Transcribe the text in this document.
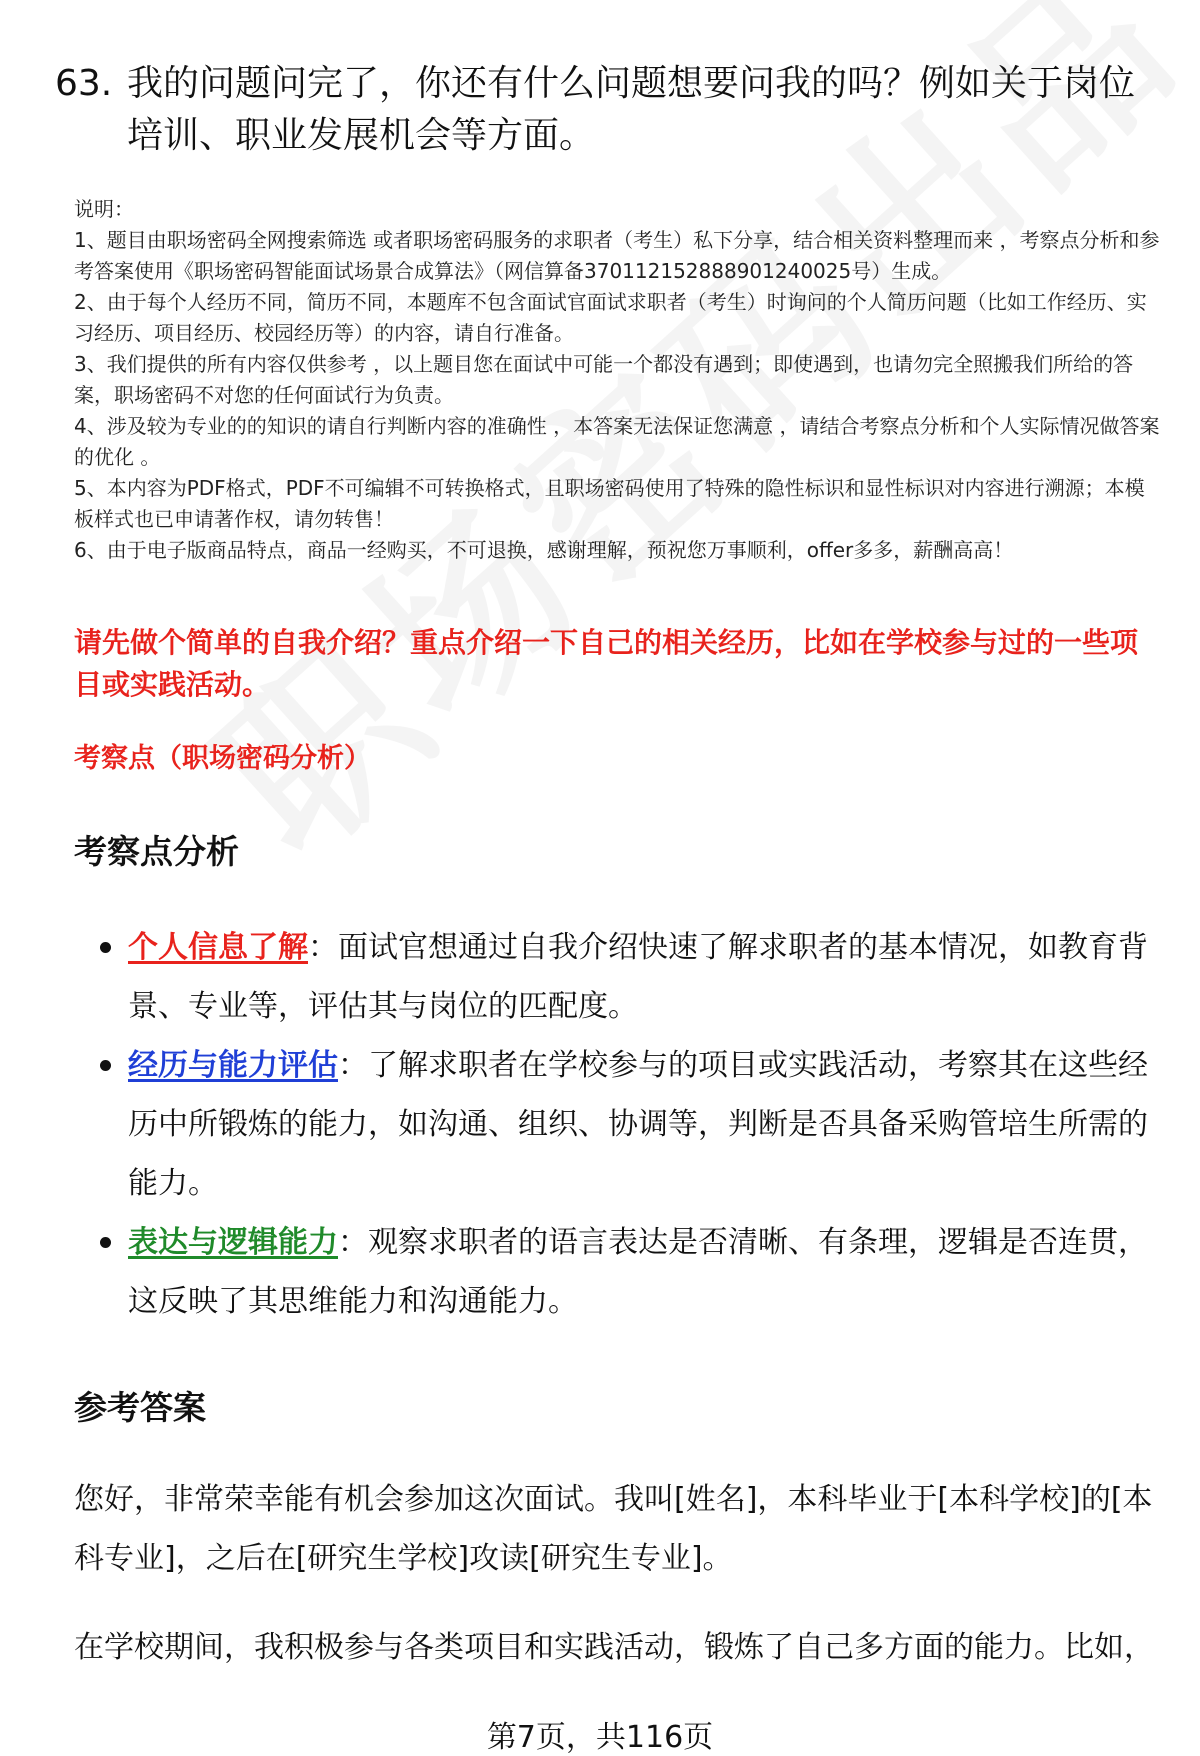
63. 我的问题问完了，你还有什么问题想要问我的吗？例如关于岗位培训、职业发展机会等方面。

说明：

1、题目由职场密码全网搜索筛选 或者职场密码服务的求职者（考生）私下分享，结合相关资料整理而来 ，考察点分析和参考答案使用《职场密码智能面试场景合成算法》（网信算备370112152888901240025号）生成。

2、由于每个人经历不同，简历不同，本题库不包含面试官面试求职者（考生）时询问的个人简历问题（比如工作经历、实习经历、项目经历、校园经历等）的内容，请自行准备。

3、我们提供的所有内容仅供参考 ，以上题目您在面试中可能一个都没有遇到；即使遇到，也请勿完全照搬我们所给的答案，职场密码不对您的任何面试行为负责。

4、涉及较为专业的的知识的请自行判断内容的准确性 ，本答案无法保证您满意 ，请结合考察点分析和个人实际情况做答案的优化 。

5、本内容为PDF格式，PDF不可编辑不可转换格式，且职场密码使用了特殊的隐性标识和显性标识对内容进行溯源；本模板样式也已申请著作权，请勿转售！

6、由于电子版商品特点，商品一经购买，不可退换，感谢理解，预祝您万事顺利，offer多多，薪酬高高！

请先做个简单的自我介绍？重点介绍一下自己的相关经历，比如在学校参与过的一些项目或实践活动。
考察点（职场密码分析）
考察点分析
个人信息了解：面试官想通过自我介绍快速了解求职者的基本情况，如教育背景、专业等，评估其与岗位的匹配度。
经历与能力评估：了解求职者在学校参与的项目或实践活动，考察其在这些经历中所锻炼的能力，如沟通、组织、协调等，判断是否具备采购管培生所需的能力。
表达与逻辑能力：观察求职者的语言表达是否清晰、有条理，逻辑是否连贯，这反映了其思维能力和沟通能力。
参考答案

您好，非常荣幸能有机会参加这次面试。我叫[姓名]，本科毕业于[本科学校]的[本科专业]，之后在[研究生学校]攻读[研究生专业]。

在学校期间，我积极参与各类项目和实践活动，锻炼了自己多方面的能力。比如，

第7页，共116页
